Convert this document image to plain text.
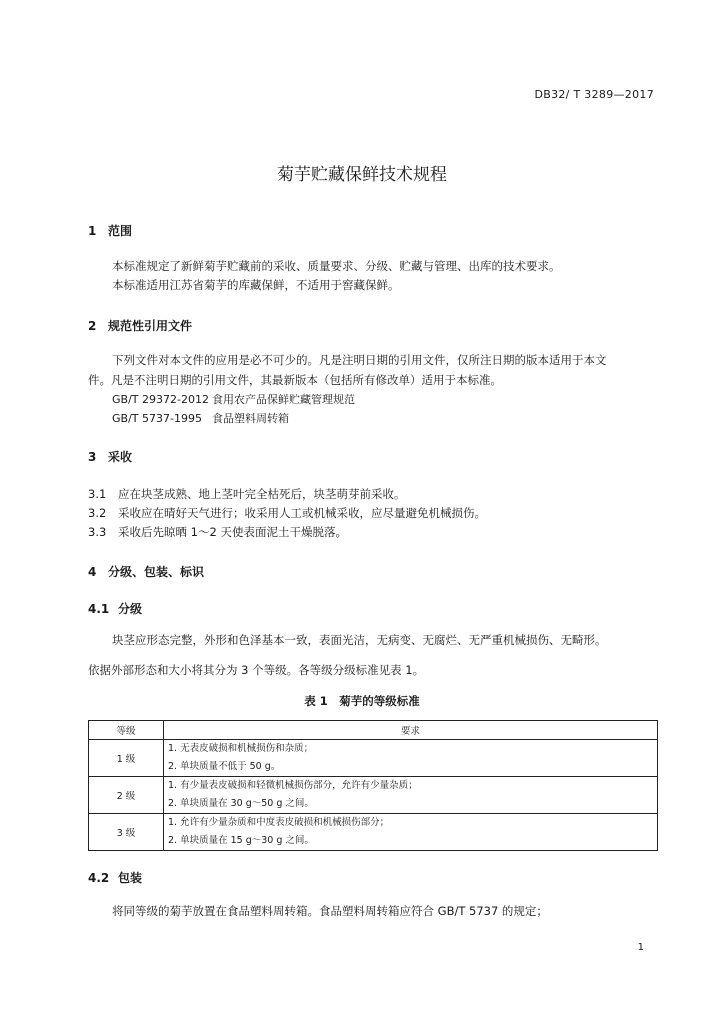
DB32/ T 3289—2017
菊芋贮藏保鲜技术规程
1 范围
本标准规定了新鲜菊芋贮藏前的采收、质量要求、分级、贮藏与管理、出库的技术要求。
本标准适用江苏省菊芋的库藏保鲜，不适用于窖藏保鲜。
2 规范性引用文件
下列文件对本文件的应用是必不可少的。凡是注明日期的引用文件，仅所注日期的版本适用于本文
件。凡是不注明日期的引用文件，其最新版本（包括所有修改单）适用于本标准。
GB/T 29372-2012 食用农产品保鲜贮藏管理规范
GB/T 5737-1995 食品塑料周转箱
3 采收
3.1 应在块茎成熟、地上茎叶完全枯死后，块茎萌芽前采收。
3.2 采收应在晴好天气进行；收采用人工或机械采收，应尽量避免机械损伤。
3.3 采收后先晾晒 1～2 天使表面泥土干燥脱落。
4 分级、包装、标识
4.1 分级
块茎应形态完整，外形和色泽基本一致，表面光洁，无病变、无腐烂、无严重机械损伤、无畸形。
依据外部形态和大小将其分为 3 个等级。各等级分级标准见表 1。
表 1　菊芋的等级标准
等级	要求
1 级	1. 无表皮破损和机械损伤和杂质；
2. 单块质量不低于 50 g。

2 级	1. 有少量表皮破损和轻微机械损伤部分，允许有少量杂质；
2. 单块质量在 30 g～50 g 之间。

3 级	1. 允许有少量杂质和中度表皮破损和机械损伤部分；
2. 单块质量在 15 g～30 g 之间。
4.2 包装
将同等级的菊芋放置在食品塑料周转箱。食品塑料周转箱应符合 GB/T 5737 的规定；
1
